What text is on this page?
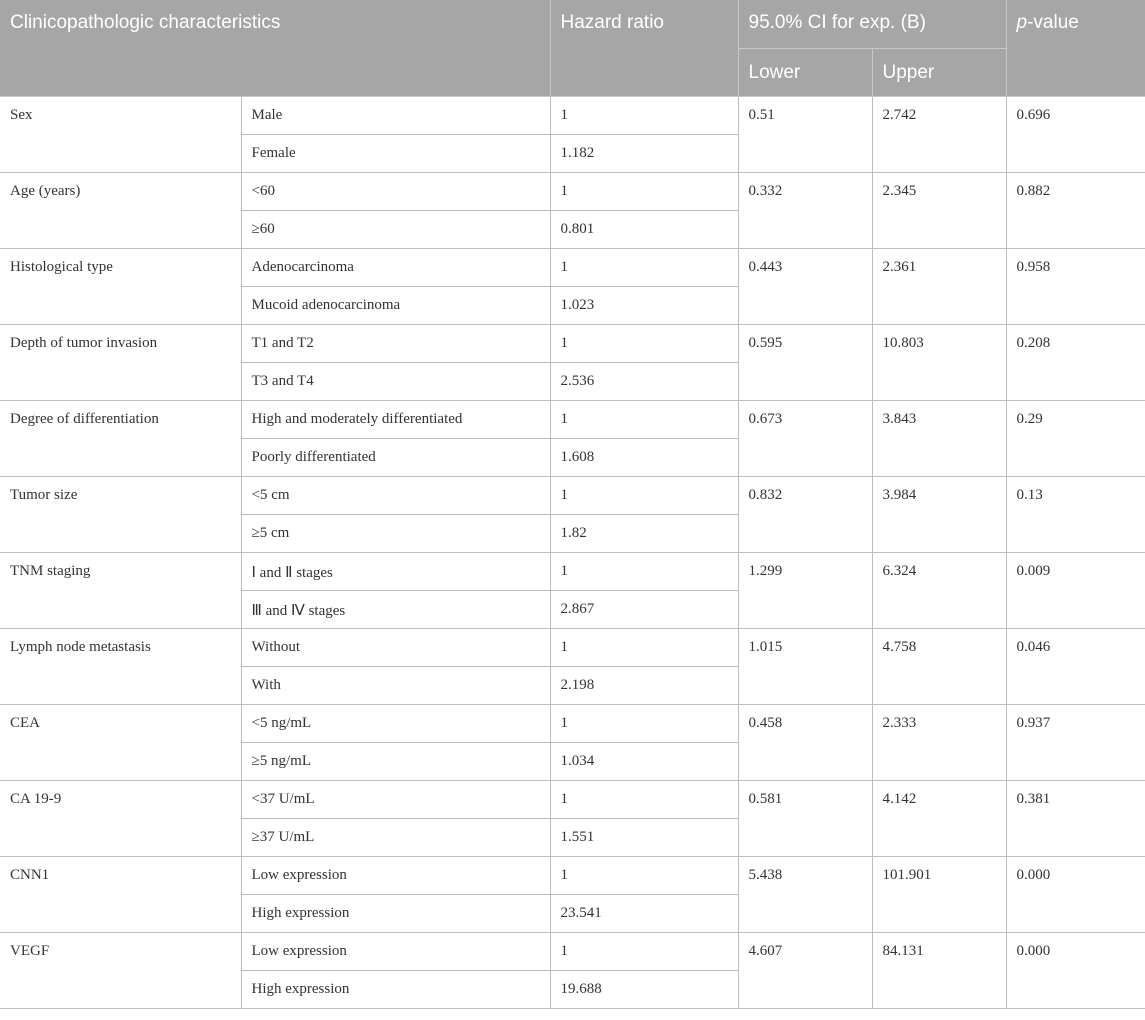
Clinicopathologic characteristics		Hazard ratio	95.0% CI for exp. (B)		p-value
			Lower	Upper	
Sex	Male	1	0.51	2.742	0.696
	Female	1.182			
Age (years)	<60	1	0.332	2.345	0.882
	≥60	0.801			
Histological type	Adenocarcinoma	1	0.443	2.361	0.958
	Mucoid adenocarcinoma	1.023			
Depth of tumor invasion	T1 and T2	1	0.595	10.803	0.208
	T3 and T4	2.536			
Degree of differentiation	High and moderately differentiated	1	0.673	3.843	0.29
	Poorly differentiated	1.608			
Tumor size	<5 cm	1	0.832	3.984	0.13
	≥5 cm	1.82			
TNM staging	Ⅰ and Ⅱ stages	1	1.299	6.324	0.009
	Ⅲ and Ⅳ stages	2.867			
Lymph node metastasis	Without	1	1.015	4.758	0.046
	With	2.198			
CEA	<5 ng/mL	1	0.458	2.333	0.937
	≥5 ng/mL	1.034			
CA 19-9	<37 U/mL	1	0.581	4.142	0.381
	≥37 U/mL	1.551			
CNN1	Low expression	1	5.438	101.901	0.000
	High expression	23.541			
VEGF	Low expression	1	4.607	84.131	0.000
	High expression	19.688			
